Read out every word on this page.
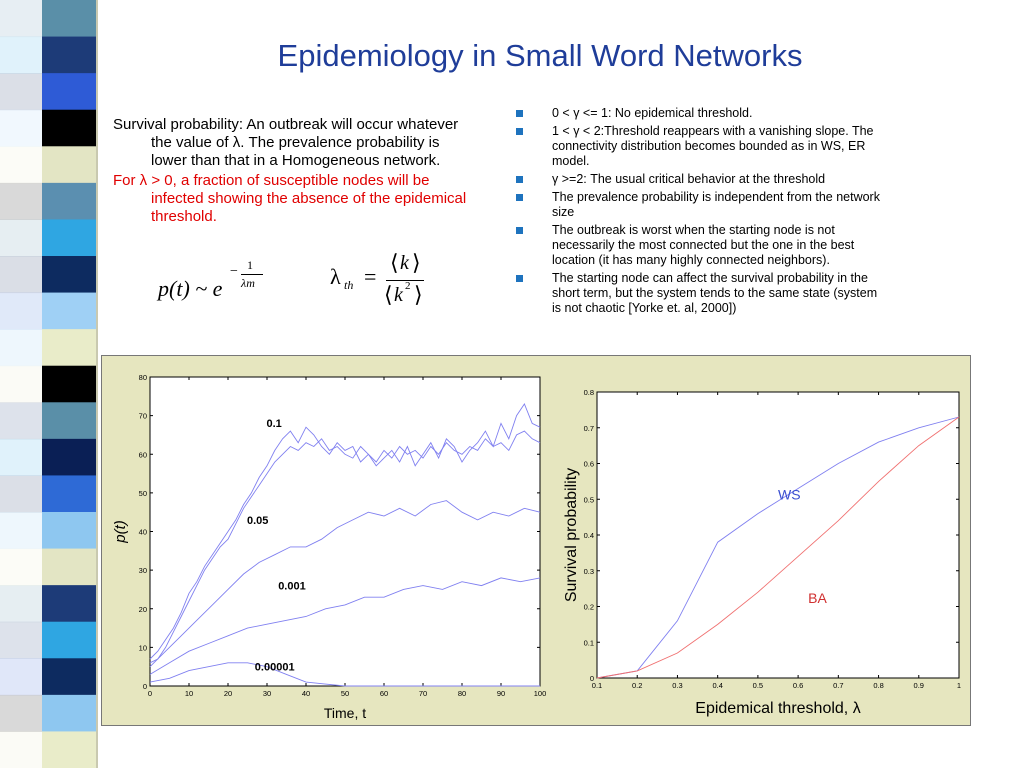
Epidemiology in Small Word Networks

Survival probability: An outbreak will occur whatever the value of λ. The prevalence probability is lower than that in a Homogeneous network.

For λ > 0, a fraction of susceptible nodes will be infected showing the absence of the epidemical threshold.

p(t) ~ e
− 1
λm	λ th =
⟨ k ⟩
⟨ k 2 ⟩
0 < γ <= 1: No epidemical threshold.
1 < γ < 2:Threshold reappears with a vanishing slope. The connectivity distribution becomes bounded as in WS, ER model.
γ >=2: The usual critical behavior at the threshold
The prevalence probability is independent from the network size
The outbreak is worst when the starting node is not necessarily the most connected but the one in the best location (it has many highly connected neighbors).
The starting node can affect the survival probability in the short term, but the system tends to the same state (system is not chaotic [Yorke et. al, 2000])
0	10	20	30	40	50	60	70	80	90	100
0
10
20
30
40
50
60
70
80
Time, t
p(t)
0.1
0.05
0.001
0.00001
0.1	0.2	0.3	0.4	0.5	0.6	0.7	0.8	0.9	1
0
0.1
0.2
0.3
0.4
0.5
0.6
0.7
0.8
Epidemical threshold, λ
Survival probability	WS
BA
